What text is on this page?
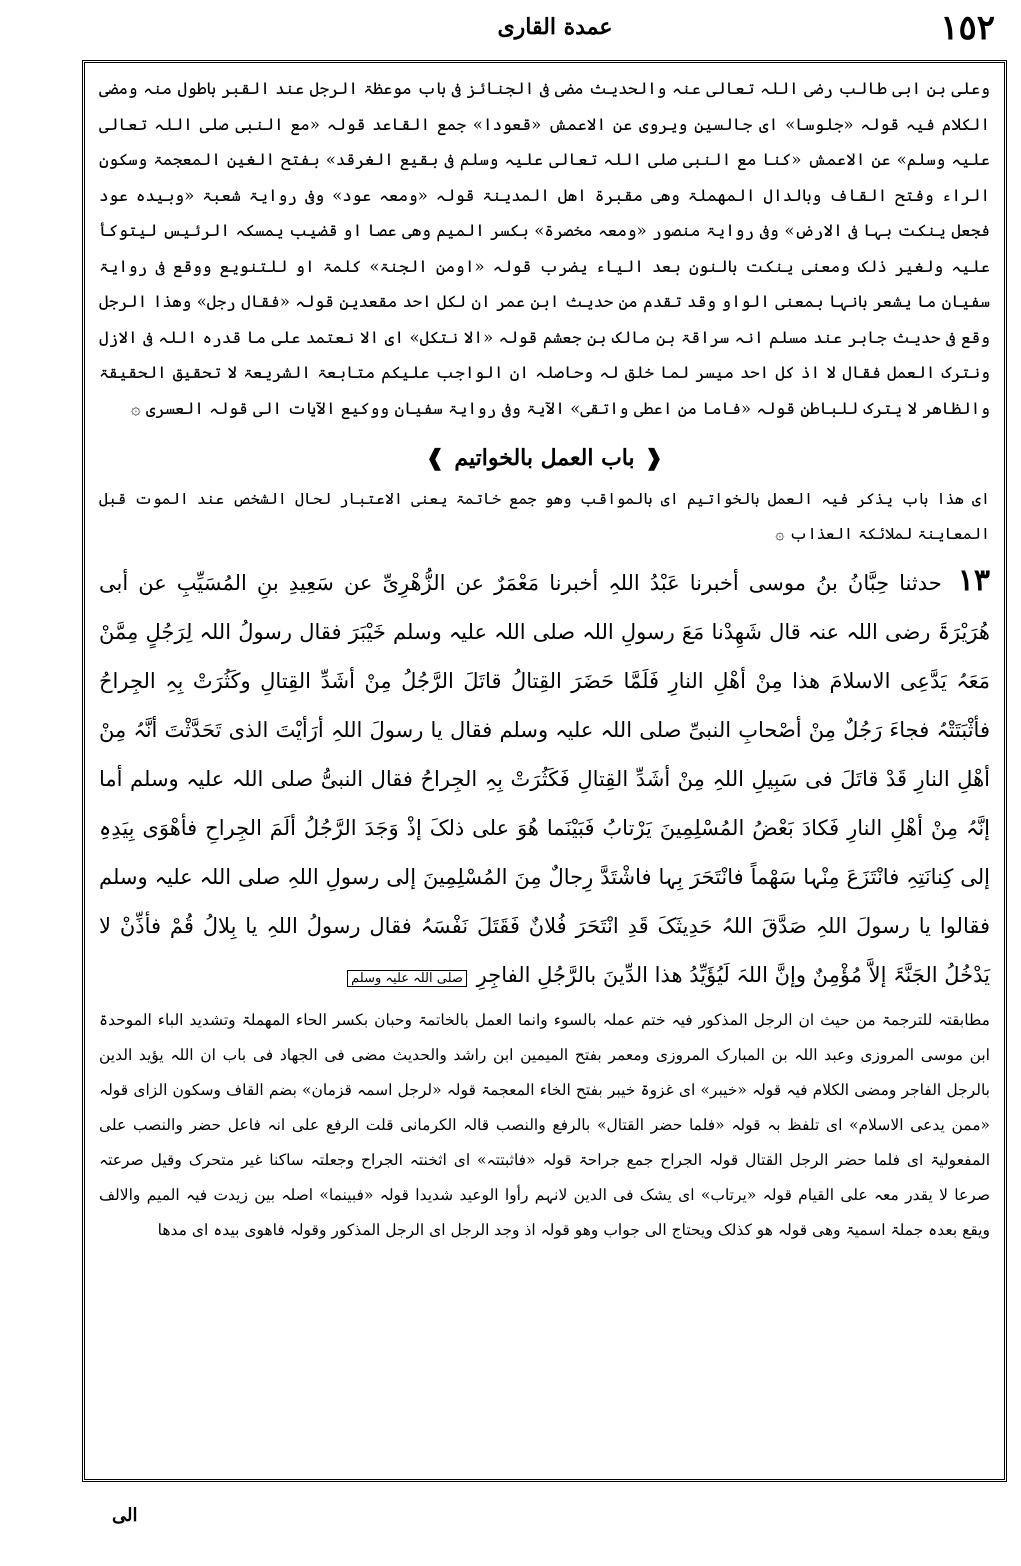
١٥٢
عمدة القاری

وعلی بن ابی طالب رضی اللہ تعالی عنہ والحدیث مضی فی الجنائز فی باب موعظۃ الرجل عند القبر باطول منہ ومضی الکلام فیہ قولہ «جلوسا» ای جالسین ویروی عن الاعمش «قعودا» جمع القاعد قولہ «مع النبی صلی اللہ تعالی علیہ وسلم» عن الاعمش «کنا مع النبی صلی اللہ تعالی علیہ وسلم فی بقیع الغرقد» بفتح الغین المعجمۃ وسکون الراء وفتح القاف وبالدال المھملۃ وھی مقبرۃ اھل المدینۃ قولہ «ومعہ عود» وفی روایۃ شعبۃ «وبیدہ عود فجعل ینکت بہا فی الارض» وفی روایۃ منصور «ومعہ مخصرۃ» بکسر المیم وھی عصا او قضیب یمسکہ الرئیس لیتوکأ علیہ ولغیر ذلک ومعنی ینکت بالنون بعد الیاء یضرب قولہ «اومن الجنۃ» کلمۃ او للتنویع ووقع فی روایۃ سفیان ما یشعر بانہا بمعنی الواو وقد تقدم من حدیث ابن عمر ان لکل احد مقعدین قولہ «فقال رجل» وھذا الرجل وقع فی حدیث جابر عند مسلم انہ سراقۃ بن مالک بن جعشم قولہ «الا نتکل» ای الا نعتمد علی ما قدرہ اللہ فی الازل ونترک العمل فقال لا اذ کل احد میسر لما خلق لہ وحاصلہ ان الواجب علیکم متابعۃ الشریعۃ لا تحقیق الحقیقۃ والظاھر لا یترک للباطن قولہ «فاما من اعطی واتقی» الآیۃ وفی روایۃ سفیان ووکیع الآیات الی قولہ العسری ۞

❰باب العمل بالخواتیم❱

ای ھذا باب یذکر فیہ العمل بالخواتیم ای بالمواقب وھو جمع خاتمۃ یعنی الاعتبار لحال الشخص عند الموت قبل المعاینۃ لملائکۃ العذاب ۞

١٣ حدثنا حِبَّانُ بنُ موسی أخبرنا عَبْدُ اللہِ أخبرنا مَعْمَرٌ عن الزُّھْرِیِّ عن سَعِیدِ بنِ المُسَیِّبِ عن أبی ھُرَیْرَۃَ رضی اللہ عنہ قال شَھِدْنا مَعَ رسولِ اللہ صلی اللہ علیہ وسلم خَیْبَرَ فقال رسولُ اللہ لِرَجُلٍ مِمَّنْ مَعَہُ یَدَّعِی الاسلامَ ھذا مِنْ أھْلِ النارِ فَلَمَّا حَضَرَ القِتالُ قاتَلَ الرَّجُلُ مِنْ أشَدِّ القِتالِ وکَثُرَتْ بِہِ الجِراحُ فأثْبَتَتْہُ فجاءَ رَجُلٌ مِنْ أصْحابِ النبیِّ صلی اللہ علیہ وسلم فقال یا رسولَ اللہِ أرَأیْتَ الذی تَحَدَّثْتَ أنَّہُ مِنْ أھْلِ النارِ قَدْ قاتَلَ فی سَبِیلِ اللہِ مِنْ أشَدِّ القِتالِ فَکَثُرَتْ بِہِ الجِراحُ فقال النبیُّ صلی اللہ علیہ وسلم أما إنَّہُ مِنْ أھْلِ النارِ فَکادَ بَعْضُ المُسْلِمِینَ یَرْتابُ فَبَیْنَما ھُوَ علی ذلکَ إذْ وَجَدَ الرَّجُلُ ألَمَ الجِراحِ فأھْوَی بِیَدِہِ إلی کِنانَتِہِ فانْتَزَعَ مِنْہا سَھْماً فانْتَحَرَ بِہا فاشْتَدَّ رِجالٌ مِنَ المُسْلِمِینَ إلی رسولِ اللہِ صلی اللہ علیہ وسلم فقالوا یا رسولَ اللہِ صَدَّقَ اللہُ حَدِیثَکَ قَدِ انْتَحَرَ فُلانٌ فَقَتَلَ نَفْسَہُ فقال رسولُ اللہِ یا بِلالُ قُمْ فأذِّنْ لا یَدْخُلُ الجَنَّۃَ إلاَّ مُؤْمِنٌ وإنَّ اللہَ لَیُؤَیِّدُ ھذا الدِّینَ بالرَّجُلِ الفاجِرِ صلی اللہ علیہ وسلم

مطابقتہ للترجمۃ من حیث ان الرجل المذکور فیہ ختم عملہ بالسوء وانما العمل بالخاتمۃ وحبان بکسر الحاء المھملۃ وتشدید الباء الموحدۃ ابن موسی المروزی وعبد اللہ بن المبارک المروزی ومعمر بفتح المیمین ابن راشد والحدیث مضی فی الجھاد فی باب ان اللہ یؤید الدین بالرجل الفاجر ومضی الکلام فیہ قولہ «خیبر» ای غزوۃ خیبر بفتح الخاء المعجمۃ قولہ «لرجل اسمہ قزمان» بضم القاف وسکون الزای قولہ «ممن یدعی الاسلام» ای تلفظ بہ قولہ «فلما حضر القتال» بالرفع والنصب قالہ الکرمانی قلت الرفع علی انہ فاعل حضر والنصب علی المفعولیۃ ای فلما حضر الرجل القتال قولہ الجراح جمع جراحۃ قولہ «فاثبتتہ» ای اثخنتہ الجراح وجعلتہ ساکنا غیر متحرک وقیل صرعتہ صرعا لا یقدر معہ علی القیام قولہ «یرتاب» ای یشک فی الدین لانہم رأوا الوعید شدیدا قولہ «فبینما» اصلہ بین زیدت فیہ المیم والالف ویقع بعدہ جملۃ اسمیۃ وھی قولہ ھو کذلک ویحتاج الی جواب وھو قولہ اذ وجد الرجل ای الرجل المذکور وقولہ فاھوی بیدہ ای مدھا

الی
